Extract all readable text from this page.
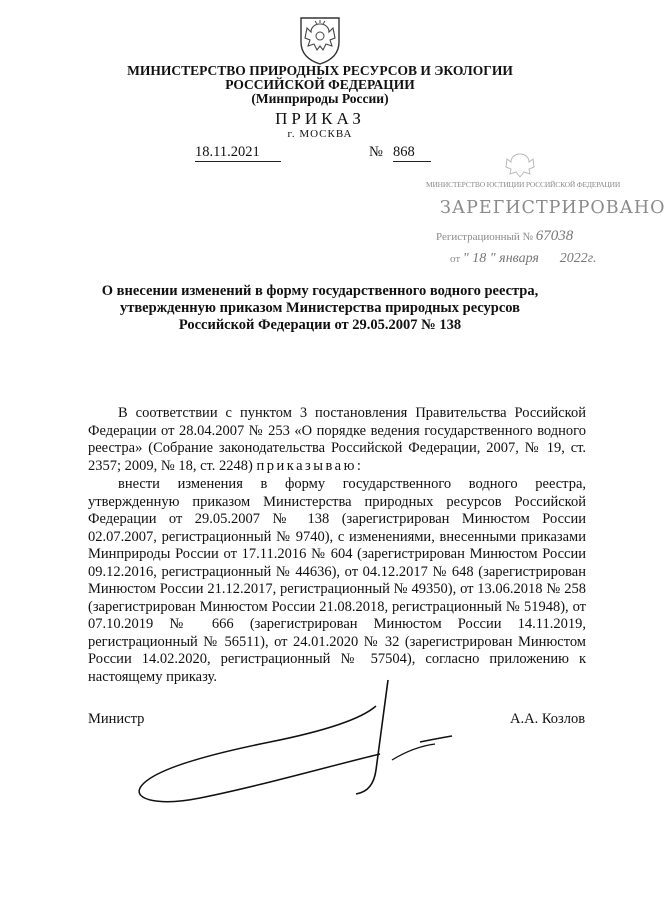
МИНИСТЕРСТВО ПРИРОДНЫХ РЕСУРСОВ И ЭКОЛОГИИ
РОССИЙСКОЙ ФЕДЕРАЦИИ
(Минприроды России)
ПРИКАЗ
г. МОСКВА
18.11.2021	№ 868
МИНИСТЕРСТВО ЮСТИЦИИ РОССИЙСКОЙ ФЕДЕРАЦИИ
ЗАРЕГИСТРИРОВАНО
Регистрационный № 67038
от " 18 " января 2022г.
О внесении изменений в форму государственного водного реестра,
утвержденную приказом Министерства природных ресурсов
Российской Федерации от 29.05.2007 № 138
В соответствии с пунктом 3 постановления Правительства Российской Федерации от 28.04.2007 № 253 «О порядке ведения государственного водного реестра» (Собрание законодательства Российской Федерации, 2007, № 19, ст. 2357; 2009, № 18, ст. 2248) приказываю:
внести изменения в форму государственного водного реестра, утвержденную приказом Министерства природных ресурсов Российской Федерации от 29.05.2007 № 138 (зарегистрирован Минюстом России 02.07.2007, регистрационный № 9740), с изменениями, внесенными приказами Минприроды России от 17.11.2016 № 604 (зарегистрирован Минюстом России 09.12.2016, регистрационный № 44636), от 04.12.2017 № 648 (зарегистрирован Минюстом России 21.12.2017, регистрационный № 49350), от 13.06.2018 № 258 (зарегистрирован Минюстом России 21.08.2018, регистрационный № 51948), от 07.10.2019 № 666 (зарегистрирован Минюстом России 14.11.2019, регистрационный № 56511), от 24.01.2020 № 32 (зарегистрирован Минюстом России 14.02.2020, регистрационный № 57504), согласно приложению к настоящему приказу.
Министр	А.А. Козлов
